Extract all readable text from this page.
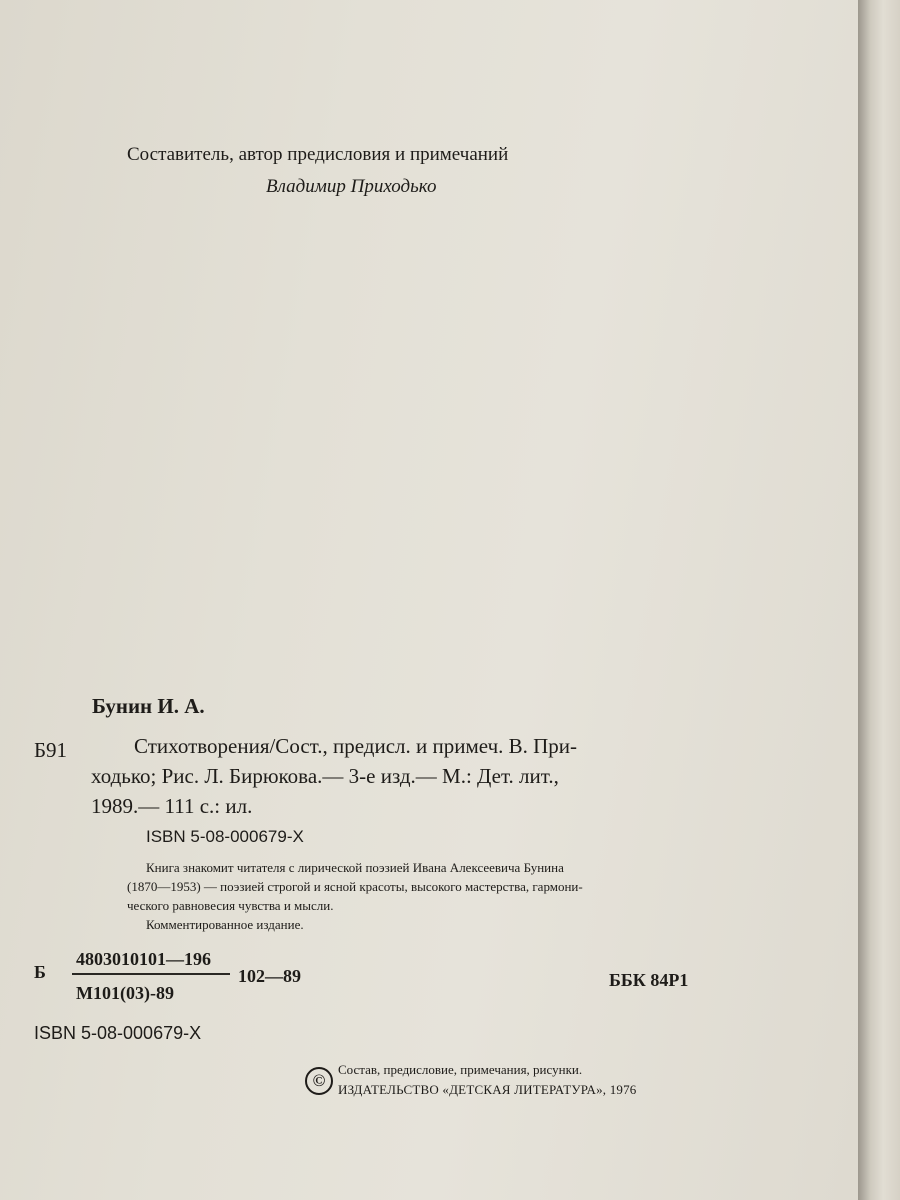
Составитель, автор предисловия и примечаний
Владимир Приходько
Бунин И. А.
Б91	Стихотворения/Сост., предисл. и примеч. В. При-
ходько; Рис. Л. Бирюкова.— 3-е изд.— М.: Дет. лит.,
1989.— 111 с.: ил.
ISBN 5-08-000679-X
Книга знакомит читателя с лирической поэзией Ивана Алексеевича Бунина
(1870—1953) — поэзией строгой и ясной красоты, высокого мастерства, гармони-
ческого равновесия чувства и мысли.
Комментированное издание.
Б
4803010101—196
М101(03)-89
102—89	ББК 84Р1
ISBN 5-08-000679-X
©
Состав, предисловие, примечания, рисунки.
ИЗДАТЕЛЬСТВО «ДЕТСКАЯ ЛИТЕРАТУРА», 1976
